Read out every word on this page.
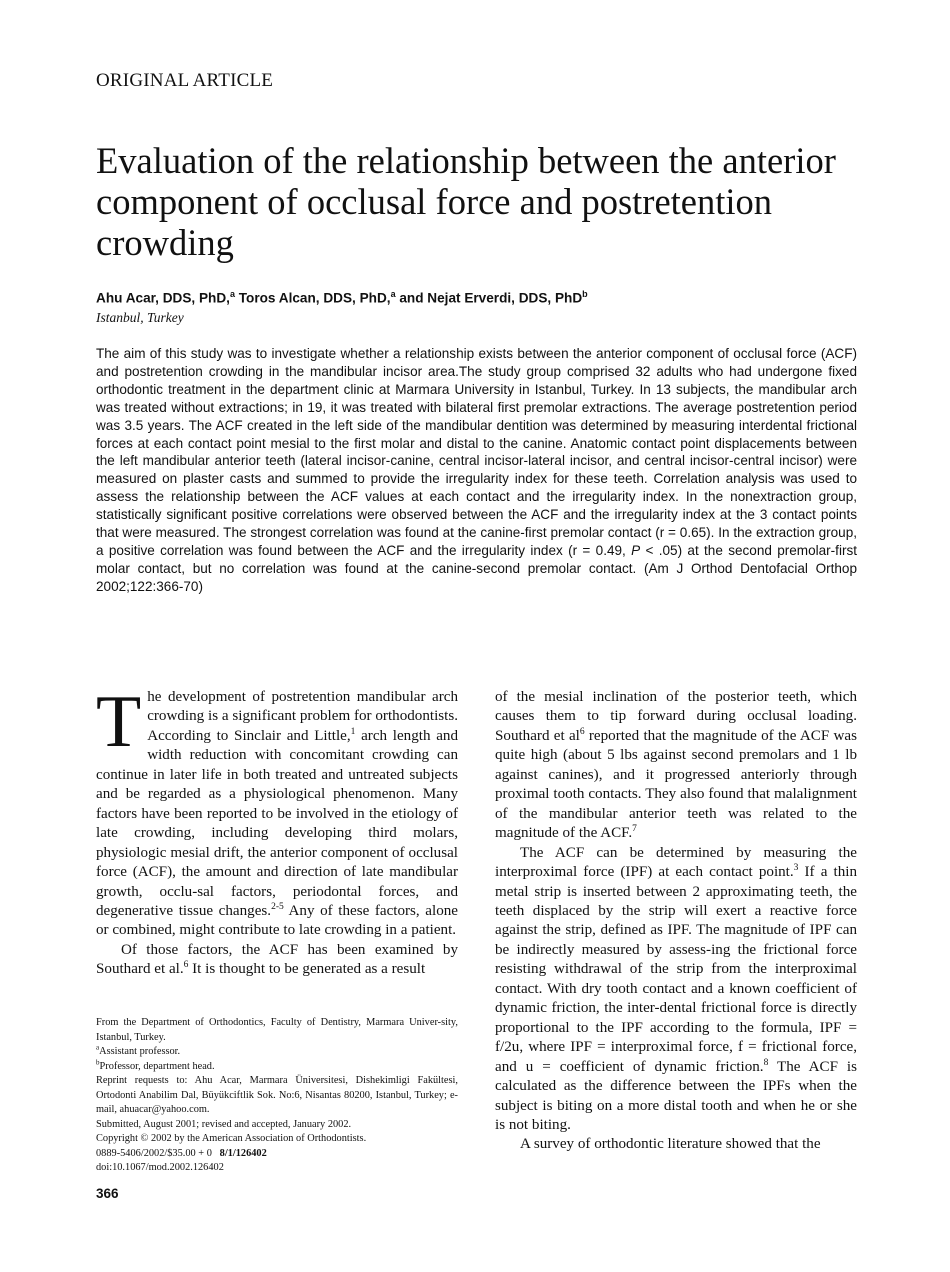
ORIGINAL ARTICLE
Evaluation of the relationship between the anterior component of occlusal force and postretention crowding
Ahu Acar, DDS, PhD,$^a$ Toros Alcan, DDS, PhD,$^a$ and Nejat Erverdi, DDS, PhD$^b$
Istanbul, Turkey

The aim of this study was to investigate whether a relationship exists between the anterior component of occlusal force (ACF) and postretention crowding in the mandibular incisor area.The study group comprised 32 adults who had undergone fixed orthodontic treatment in the department clinic at Marmara University in Istanbul, Turkey. In 13 subjects, the mandibular arch was treated without extractions; in 19, it was treated with bilateral first premolar extractions. The average postretention period was 3.5 years. The ACF created in the left side of the mandibular dentition was determined by measuring interdental frictional forces at each contact point mesial to the first molar and distal to the canine. Anatomic contact point displacements between the left mandibular anterior teeth (lateral incisor-canine, central incisor-lateral incisor, and central incisor-central incisor) were measured on plaster casts and summed to provide the irregularity index for these teeth. Correlation analysis was used to assess the relationship between the ACF values at each contact and the irregularity index. In the nonextraction group, statistically significant positive correlations were observed between the ACF and the irregularity index at the 3 contact points that were measured. The strongest correlation was found at the canine-first premolar contact (r = 0.65). In the extraction group, a positive correlation was found between the ACF and the irregularity index (r = 0.49, P < .05) at the second premolar-first molar contact, but no correlation was found at the canine-second premolar contact. (Am J Orthod Dentofacial Orthop 2002;122:366-70)

The development of postretention mandibular arch crowding is a significant problem for orthodontists. According to Sinclair and Little,$^1$ arch length and width reduction with concomitant crowding can continue in later life in both treated and untreated subjects and be regarded as a physiological phenomenon. Many factors have been reported to be involved in the etiology of late crowding, including developing third molars, physiologic mesial drift, the anterior component of occlusal force (ACF), the amount and direction of late mandibular growth, occlu-sal factors, periodontal forces, and degenerative tissue changes.$^{2-5}$ Any of these factors, alone or combined, might contribute to late crowding in a patient.

Of those factors, the ACF has been examined by Southard et al.$^6$ It is thought to be generated as a result

From the Department of Orthodontics, Faculty of Dentistry, Marmara Univer-sity, Istanbul, Turkey.

$^a$Assistant professor.

$^b$Professor, department head.

Reprint requests to: Ahu Acar, Marmara Üniversitesi, Dishekimligi Fakültesi, Ortodonti Anabilim Dal, Büyükciftlik Sok. No:6, Nisantas 80200, Istanbul, Turkey; e-mail, ahuacar@yahoo.com.

Submitted, August 2001; revised and accepted, January 2002.

Copyright © 2002 by the American Association of Orthodontists.

0889-5406/2002/$35.00 + 0 8/1/126402

doi:10.1067/mod.2002.126402

366

of the mesial inclination of the posterior teeth, which causes them to tip forward during occlusal loading. Southard et al$^6$ reported that the magnitude of the ACF was quite high (about 5 lbs against second premolars and 1 lb against canines), and it progressed anteriorly through proximal tooth contacts. They also found that malalignment of the mandibular anterior teeth was related to the magnitude of the ACF.$^7$

The ACF can be determined by measuring the interproximal force (IPF) at each contact point.$^3$ If a thin metal strip is inserted between 2 approximating teeth, the teeth displaced by the strip will exert a reactive force against the strip, defined as IPF. The magnitude of IPF can be indirectly measured by assess-ing the frictional force resisting withdrawal of the strip from the interproximal contact. With dry tooth contact and a known coefficient of dynamic friction, the inter-dental frictional force is directly proportional to the IPF according to the formula, IPF = f/2u, where IPF = interproximal force, f = frictional force, and u = coefficient of dynamic friction.$^8$ The ACF is calculated as the difference between the IPFs when the subject is biting on a more distal tooth and when he or she is not biting.

A survey of orthodontic literature showed that the
